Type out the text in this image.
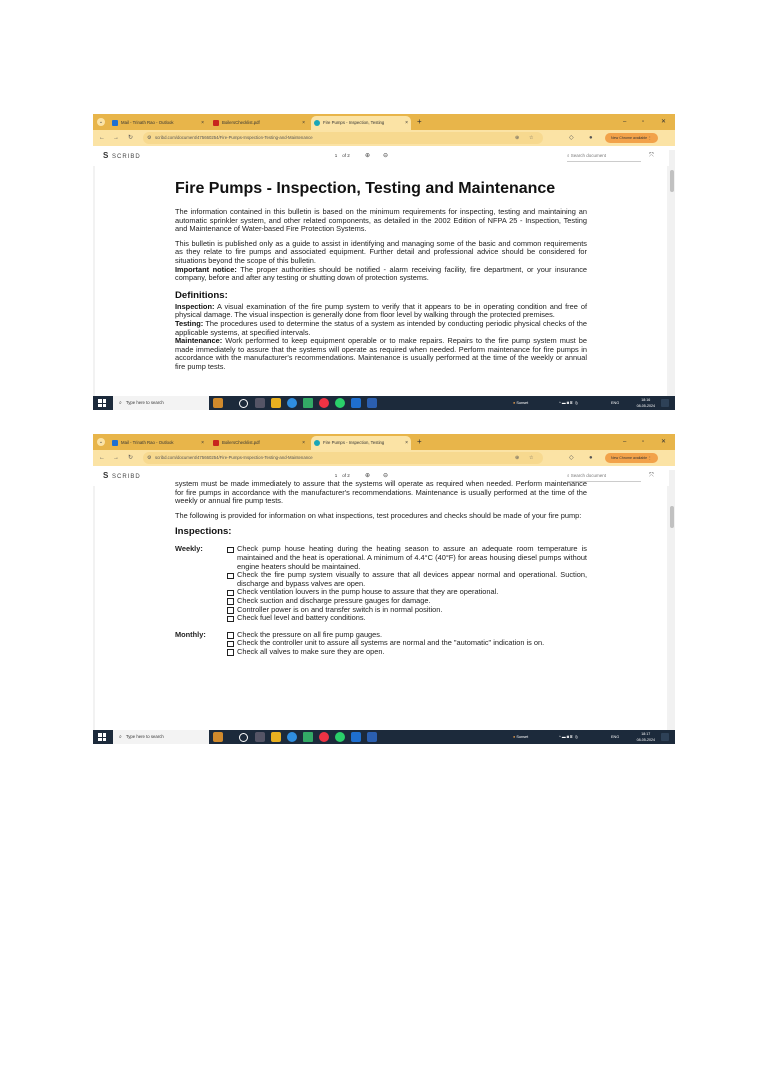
⌄	Mail - Trinath Rao - Outlook	×	BoilersChecklist.pdf	×	Fire Pumps - Inspection, Testing	× +	–	▫	✕
← → ↻	⚙ scribd.com/document/475660254/Fire-Pumps-Inspection-Testing-and-Maintenance	⊕ ☆	◇	●	New Chrome available ⋮
S SCRIBD	1 of 2	⊕ ⊖	⌕ Search document	⤧
Fire Pumps - Inspection, Testing and Maintenance

The information contained in this bulletin is based on the minimum requirements for inspecting, testing and maintaining an automatic sprinkler system, and other related components, as detailed in the 2002 Edition of NFPA 25 - Inspection, Testing and Maintenance of Water-based Fire Protection Systems.

This bulletin is published only as a guide to assist in identifying and managing some of the basic and common requirements as they relate to fire pumps and associated equipment. Further detail and professional advice should be considered for situations beyond the scope of this bulletin.
Important notice: The proper authorities should be notified - alarm receiving facility, fire department, or your insurance company, before and after any testing or shutting down of protection systems.

Definitions:
Inspection: A visual examination of the fire pump system to verify that it appears to be in operating condition and free of physical damage. The visual inspection is generally done from floor level by walking through the protected premises.
Testing: The procedures used to determine the status of a system as intended by conducting periodic physical checks of the applicable systems, at specified intervals.
Maintenance: Work performed to keep equipment operable or to make repairs. Repairs to the fire pump system must be made immediately to assure that the systems will operate as required when needed. Perform maintenance for fire pumps in accordance with the manufacturer's recommendations. Maintenance is usually performed at the time of the weekly or annual fire pump tests.
⌕ Type here to search	● Sunset	^ ▬ ◙ ⌸ ◁)	ENG
18:16
08-05-2024
⌄	Mail - Trinath Rao - Outlook	×	BoilersChecklist.pdf	×	Fire Pumps - Inspection, Testing	× +	–	▫	✕
← → ↻	⚙ scribd.com/document/475660254/Fire-Pumps-Inspection-Testing-and-Maintenance	⊕ ☆	◇	●	New Chrome available ⋮
S SCRIBD	1 of 2	⊕ ⊖	⌕ Search document	⤧

system must be made immediately to assure that the systems will operate as required when needed. Perform maintenance for fire pumps in accordance with the manufacturer's recommendations. Maintenance is usually performed at the time of the weekly or annual fire pump tests.

The following is provided for information on what inspections, test procedures and checks should be made of your fire pump:

Inspections:
Weekly:	Check pump house heating during the heating season to assure an adequate room temperature is maintained and the heat is operational. A minimum of 4.4°C (40°F) for areas housing diesel pumps without engine heaters should be maintained.
Check the fire pump system visually to assure that all devices appear normal and operational. Suction, discharge and bypass valves are open.
Check ventilation louvers in the pump house to assure that they are operational.
Check suction and discharge pressure gauges for damage.
Controller power is on and transfer switch is in normal position.
Check fuel level and battery conditions.
Monthly:	Check the pressure on all fire pump gauges.
Check the controller unit to assure all systems are normal and the "automatic" indication is on.
Check all valves to make sure they are open.
⌕ Type here to search	● Sunset	^ ▬ ◙ ⌸ ◁)	ENG
18:17
08-05-2024
